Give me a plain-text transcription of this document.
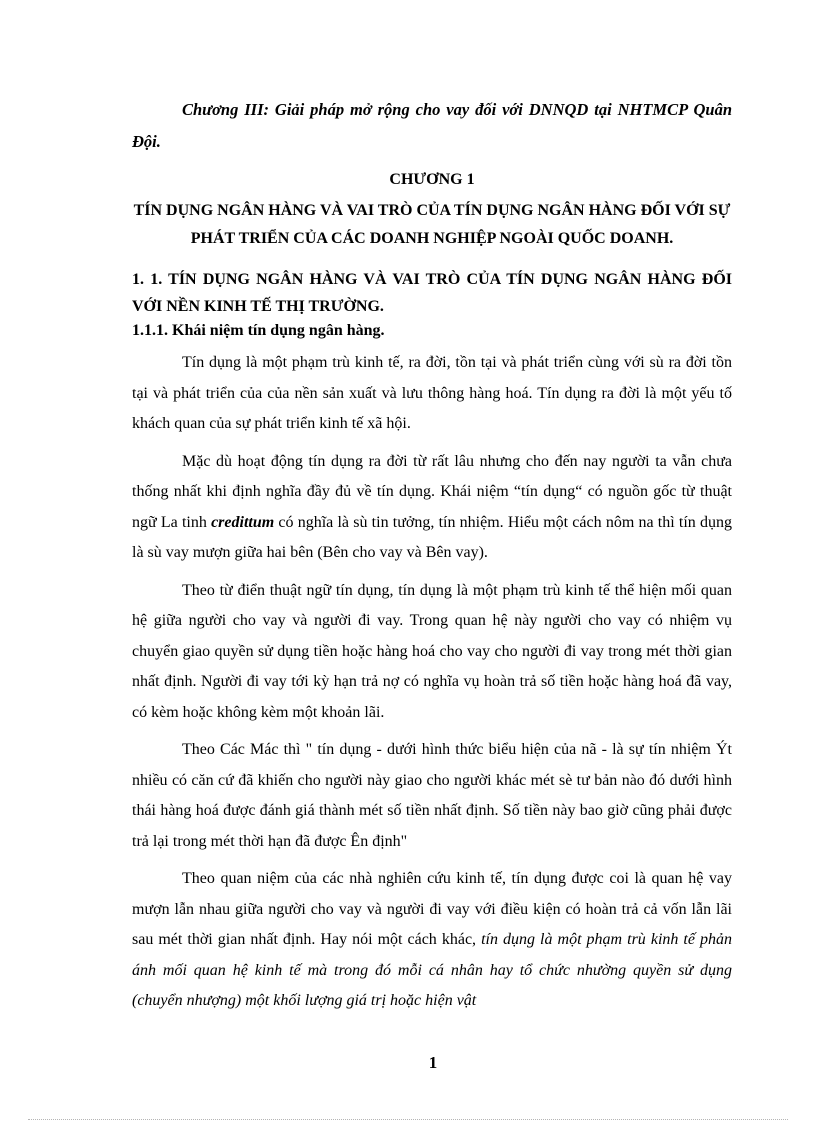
Chương III: Giải pháp mở rộng cho vay đối với DNNQD tại NHTMCP Quân Đội.
CHƯƠNG 1
TÍN DỤNG NGÂN HÀNG VÀ VAI TRÒ CỦA TÍN DỤNG NGÂN HÀNG ĐỐI VỚI SỰ PHÁT TRIỂN CỦA CÁC DOANH NGHIỆP NGOÀI QUỐC DOANH.
1. 1. TÍN DỤNG NGÂN HÀNG VÀ VAI TRÒ CỦA TÍN DỤNG NGÂN HÀNG ĐỐI VỚI NỀN KINH TẾ THỊ TRƯỜNG.
1.1.1. Khái niệm tín dụng ngân hàng.

Tín dụng là một phạm trù kinh tế, ra đời, tồn tại và phát triển cùng với sù ra đời tồn tại và phát triển của của nền sản xuất và lưu thông hàng hoá. Tín dụng ra đời là một yếu tố khách quan của sự phát triển kinh tế xã hội.

Mặc dù hoạt động tín dụng ra đời từ rất lâu nhưng cho đến nay người ta vẫn chưa thống nhất khi định nghĩa đầy đủ về tín dụng. Khái niệm “tín dụng“ có nguồn gốc từ thuật ngữ La tinh credittum có nghĩa là sù tin tưởng, tín nhiệm. Hiểu một cách nôm na thì tín dụng là sù vay mượn giữa hai bên (Bên cho vay và Bên vay).

Theo từ điển thuật ngữ tín dụng, tín dụng là một phạm trù kinh tế thể hiện mối quan hệ giữa người cho vay và người đi vay. Trong quan hệ này người cho vay có nhiệm vụ chuyển giao quyền sử dụng tiền hoặc hàng hoá cho vay cho người đi vay trong mét thời gian nhất định. Người đi vay tới kỳ hạn trả nợ có nghĩa vụ hoàn trả số tiền hoặc hàng hoá đã vay, có kèm hoặc không kèm một khoản lãi.

Theo Các Mác thì " tín dụng - dưới hình thức biểu hiện của nã - là sự tín nhiệm Ýt nhiều có căn cứ đã khiến cho người này giao cho người khác mét sè tư bản nào đó dưới hình thái hàng hoá được đánh giá thành mét số tiền nhất định. Số tiền này bao giờ cũng phải được trả lại trong mét thời hạn đã được Ên định"

Theo quan niệm của các nhà nghiên cứu kinh tế, tín dụng được coi là quan hệ vay mượn lẫn nhau giữa người cho vay và người đi vay với điều kiện có hoàn trả cả vốn lẫn lãi sau mét thời gian nhất định. Hay nói một cách khác, tín dụng là một phạm trù kinh tế phản ánh mối quan hệ kinh tế mà trong đó mỗi cá nhân hay tổ chức nhường quyền sử dụng (chuyển nhượng) một khối lượng giá trị hoặc hiện vật

1
